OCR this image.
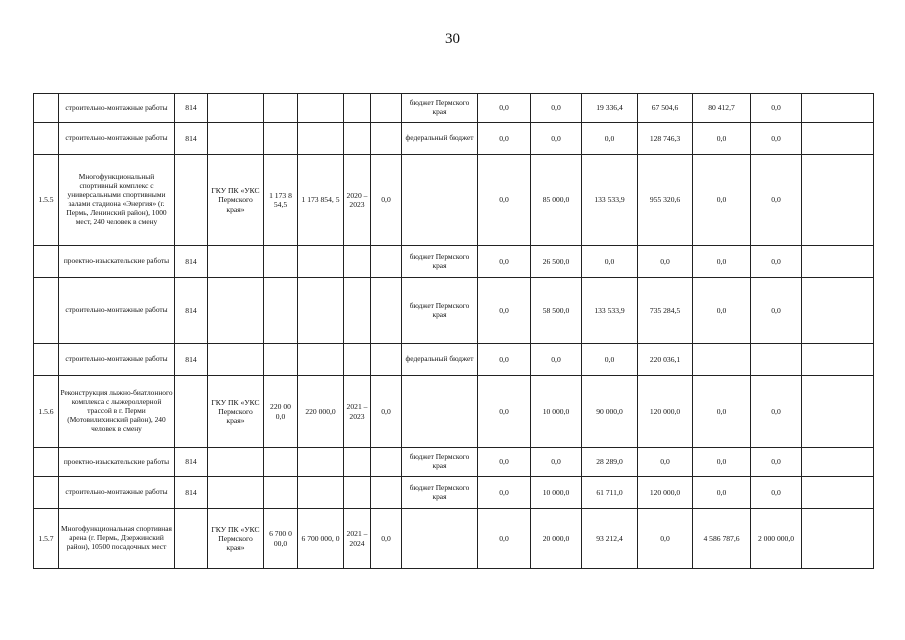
30
	строительно-монтажные работы	814						бюджет Пермского края	0,0	0,0	19 336,4	67 504,6	80 412,7	0,0	
	строительно-монтажные работы	814						федеральный бюджет	0,0	0,0	0,0	128 746,3	0,0	0,0	
1.5.5	Многофункциональный спортивный комплекс с универсальными спортивными залами стадиона «Энергия» (г. Пермь, Ленинский район), 1000 мест, 240 человек в смену		ГКУ ПК «УКС Пермского края»	1 173 8 54,5	1 173 854, 5	2020 – 2023	0,0		0,0	85 000,0	133 533,9	955 320,6	0,0	0,0	
	проектно-изыскательские работы	814						бюджет Пермского края	0,0	26 500,0	0,0	0,0	0,0	0,0	
	строительно-монтажные работы	814						бюджет Пермского края	0,0	58 500,0	133 533,9	735 284,5	0,0	0,0	
	строительно-монтажные работы	814						федеральный бюджет	0,0	0,0	0,0	220 036,1			
1.5.6	Реконструкция лыжно-биатлонного комплекса с лыжероллерной трассой в г. Перми (Мотовилихинский район), 240 человек в смену		ГКУ ПК «УКС Пермского края»	220 00 0,0	220 000,0	2021 – 2023	0,0		0,0	10 000,0	90 000,0	120 000,0	0,0	0,0	
	проектно-изыскательские работы	814						бюджет Пермского края	0,0	0,0	28 289,0	0,0	0,0	0,0	
	строительно-монтажные работы	814						бюджет Пермского края	0,0	10 000,0	61 711,0	120 000,0	0,0	0,0	
1.5.7	Многофункциональная спортивная арена (г. Пермь, Дзержинский район), 10500 посадочных мест		ГКУ ПК «УКС Пермского края»	6 700 0 00,0	6 700 000, 0	2021 – 2024	0,0		0,0	20 000,0	93 212,4	0,0	4 586 787,6	2 000 000,0	
